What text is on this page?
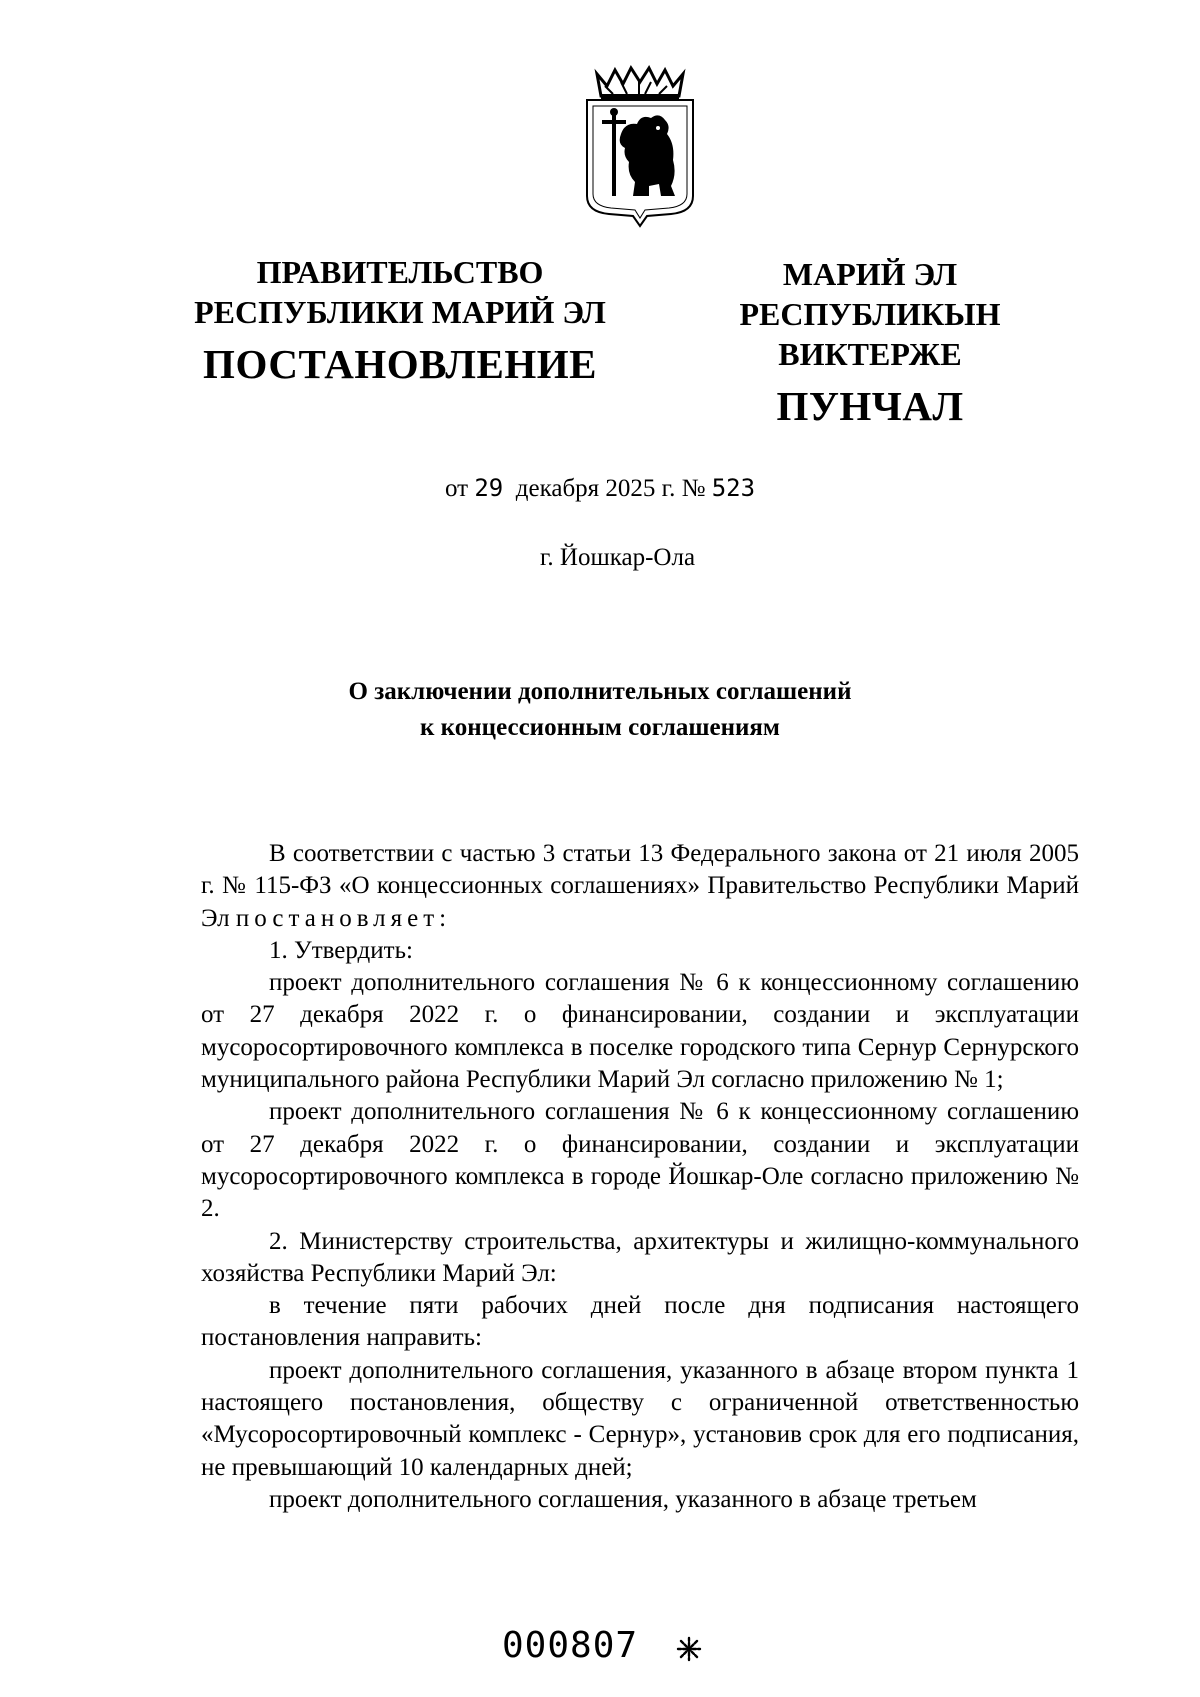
ПРАВИТЕЛЬСТВО
РЕСПУБЛИКИ МАРИЙ ЭЛ
ПОСТАНОВЛЕНИЕ
МАРИЙ ЭЛ РЕСПУБЛИКЫН
ВИКТЕРЖЕ
ПУНЧАЛ
от 29 декабря 2025 г. № 523
г. Йошкар-Ола
О заключении дополнительных соглашений
к концессионным соглашениям

В соответствии с частью 3 статьи 13 Федерального закона от 21 июля 2005 г. № 115-ФЗ «О концессионных соглашениях» Правительство Республики Марий Эл постановляет:

1. Утвердить:

проект дополнительного соглашения № 6 к концессионному соглашению от 27 декабря 2022 г. о финансировании, создании и эксплуатации мусоросортировочного комплекса в поселке городского типа Сернур Сернурского муниципального района Республики Марий Эл согласно приложению № 1;

проект дополнительного соглашения № 6 к концессионному соглашению от 27 декабря 2022 г. о финансировании, создании и эксплуатации мусоросортировочного комплекса в городе Йошкар-Оле согласно приложению № 2.

2. Министерству строительства, архитектуры и жилищно-коммунального хозяйства Республики Марий Эл:

в течение пяти рабочих дней после дня подписания настоящего постановления направить:

проект дополнительного соглашения, указанного в абзаце втором пункта 1 настоящего постановления, обществу с ограниченной ответственностью «Мусоросортировочный комплекс - Сернур», установив срок для его подписания, не превышающий 10 календарных дней;

проект дополнительного соглашения, указанного в абзаце третьем

000807
